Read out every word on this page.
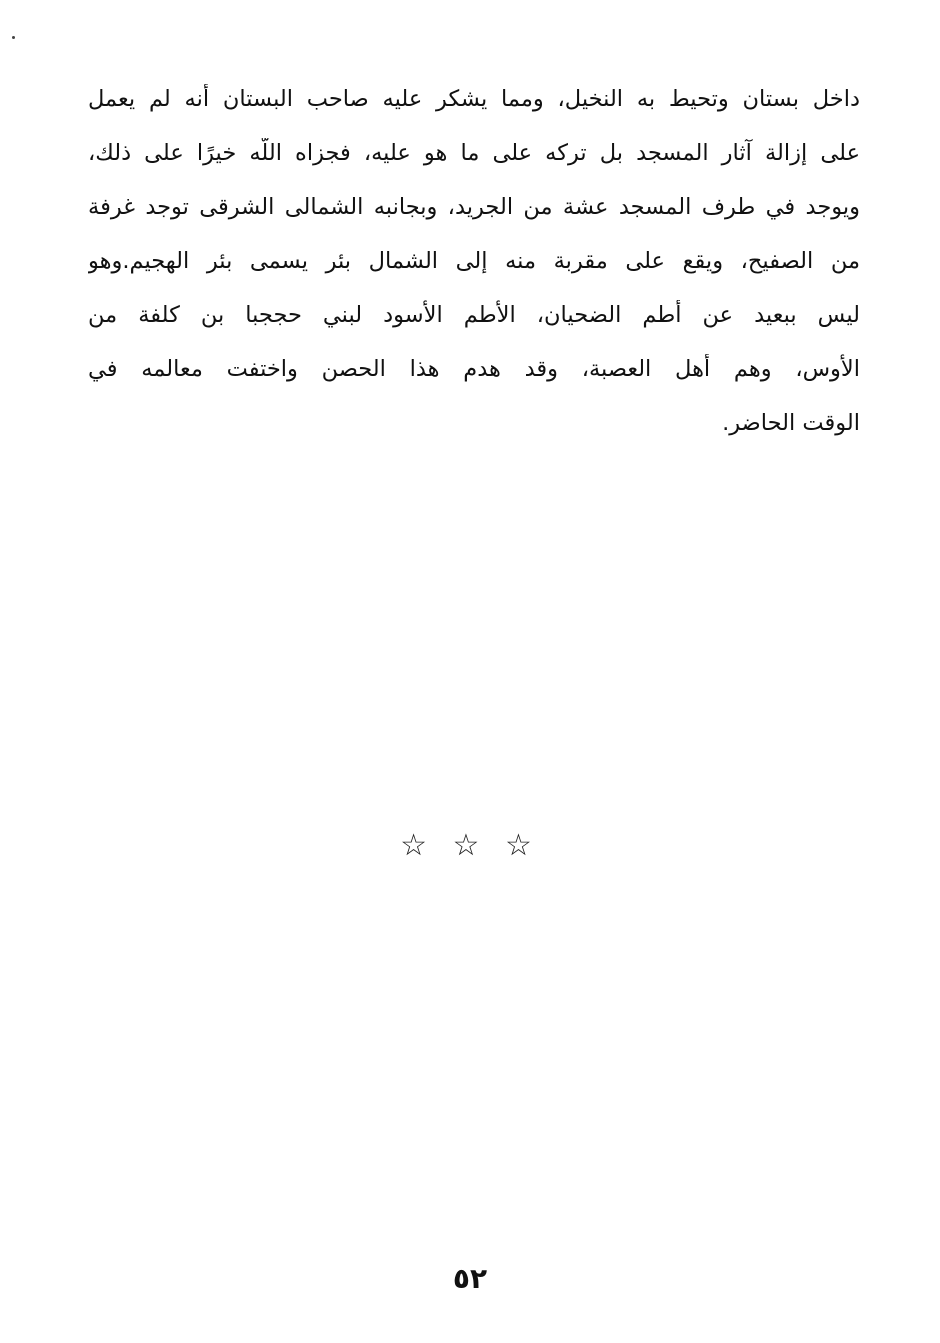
داخل بستان وتحيط به النخيل، ومما يشكر عليه صاحب البستان أنه لم يعمل
على إزالة آثار المسجد بل تركه على ما هو عليه، فجزاه اللّه خيرًا على ذلك،
ويوجد في طرف المسجد عشة من الجريد، وبجانبه الشمالى الشرقى توجد غرفة
من الصفيح، ويقع على مقربة منه إلى الشمال بئر يسمى بئر الهجيم.وهو
ليس ببعيد عن أطم الضحيان، الأطم الأسود لبني حججبا بن كلفة من
الأوس، وهم أهل العصبة، وقد هدم هذا الحصن واختفت معالمه في
الوقت الحاضر.
☆ ☆ ☆
٥٢
